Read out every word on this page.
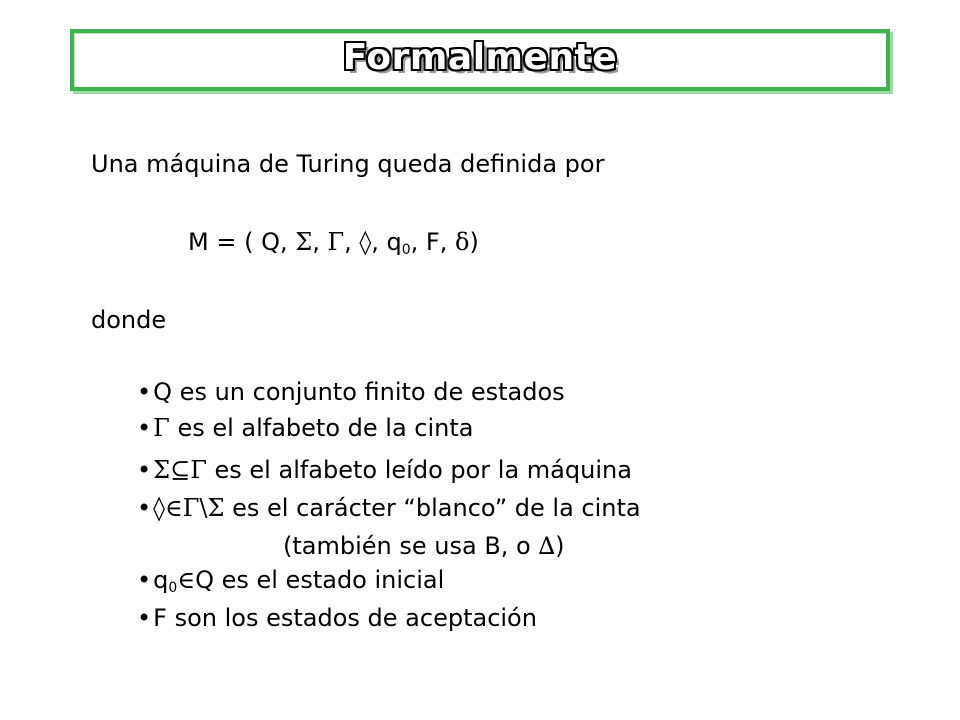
Formalmente
Una máquina de Turing queda definida por
M = ( Q, Σ, Γ, ◊, $q_0$, F, δ)
donde
•Q es un conjunto finito de estados
•Γ es el alfabeto de la cinta
•Σ⊆Γ es el alfabeto leído por la máquina
•◊∈Γ\Σ es el carácter “blanco” de la cinta
(también se usa B, o ∆)
$•q_0\in Q$ es el estado inicial
•F son los estados de aceptación
